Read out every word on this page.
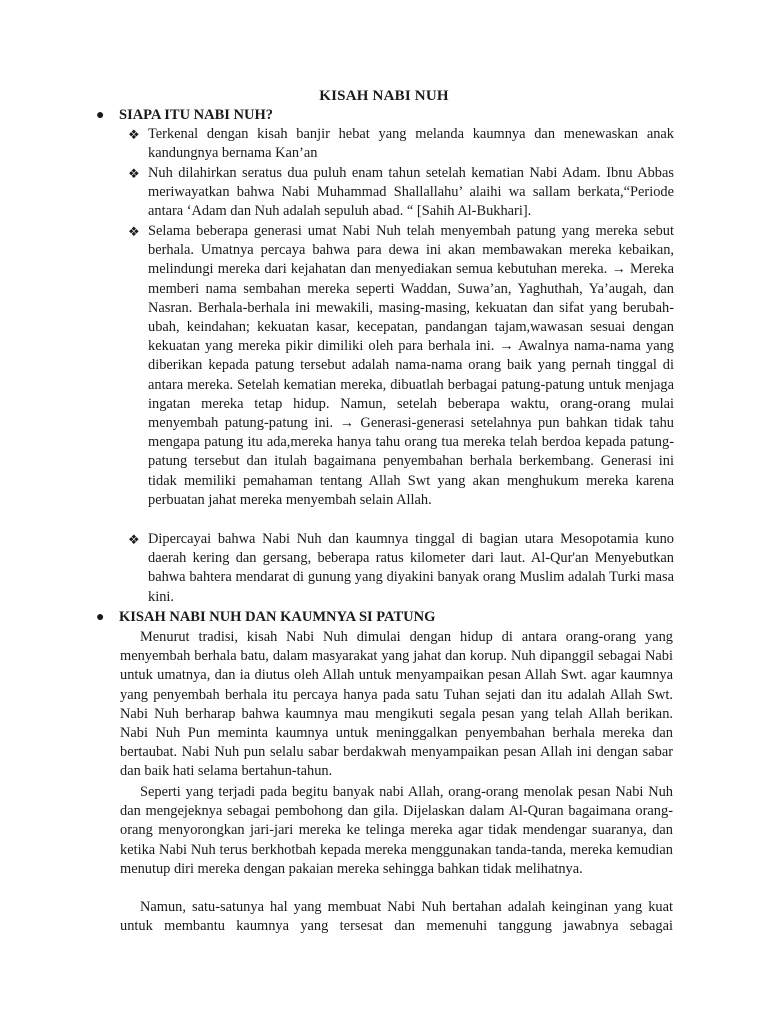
KISAH NABI NUH
● SIAPA ITU NABI NUH?
❖ Terkenal dengan kisah banjir hebat yang melanda kaumnya dan menewaskan anak kandungnya bernama Kan’an
❖ Nuh dilahirkan seratus dua puluh enam tahun setelah kematian Nabi Adam. Ibnu Abbas meriwayatkan bahwa Nabi Muhammad Shallallahu’ alaihi wa sallam berkata,“Periode antara ‘Adam dan Nuh adalah sepuluh abad. “ [Sahih Al-Bukhari].
❖ Selama beberapa generasi umat Nabi Nuh telah menyembah patung yang mereka sebut berhala. Umatnya percaya bahwa para dewa ini akan membawakan mereka kebaikan, melindungi mereka dari kejahatan dan menyediakan semua kebutuhan mereka. → Mereka memberi nama sembahan mereka seperti Waddan, Suwa’an, Yaghuthah, Ya’augah, dan Nasran. Berhala-berhala ini mewakili, masing-masing, kekuatan dan sifat yang berubah-ubah, keindahan; kekuatan kasar, kecepatan, pandangan tajam,wawasan sesuai dengan kekuatan yang mereka pikir dimiliki oleh para berhala ini. → Awalnya nama-nama yang diberikan kepada patung tersebut adalah nama-nama orang baik yang pernah tinggal di antara mereka. Setelah kematian mereka, dibuatlah berbagai patung-patung untuk menjaga ingatan mereka tetap hidup. Namun, setelah beberapa waktu, orang-orang mulai menyembah patung-patung ini. → Generasi-generasi setelahnya pun bahkan tidak tahu mengapa patung itu ada,mereka hanya tahu orang tua mereka telah berdoa kepada patung-patung tersebut dan itulah bagaimana penyembahan berhala berkembang. Generasi ini tidak memiliki pemahaman tentang Allah Swt yang akan menghukum mereka karena perbuatan jahat mereka menyembah selain Allah.
❖ Dipercayai bahwa Nabi Nuh dan kaumnya tinggal di bagian utara Mesopotamia kuno daerah kering dan gersang, beberapa ratus kilometer dari laut. Al-Qur'an Menyebutkan bahwa bahtera mendarat di gunung yang diyakini banyak orang Muslim adalah Turki masa kini.
● KISAH NABI NUH DAN KAUMNYA SI PATUNG
Menurut tradisi, kisah Nabi Nuh dimulai dengan hidup di antara orang-orang yang menyembah berhala batu, dalam masyarakat yang jahat dan korup. Nuh dipanggil sebagai Nabi untuk umatnya, dan ia diutus oleh Allah untuk menyampaikan pesan Allah Swt. agar kaumnya yang penyembah berhala itu percaya hanya pada satu Tuhan sejati dan itu adalah Allah Swt. Nabi Nuh berharap bahwa kaumnya mau mengikuti segala pesan yang telah Allah berikan. Nabi Nuh Pun meminta kaumnya untuk meninggalkan penyembahan berhala mereka dan bertaubat. Nabi Nuh pun selalu sabar berdakwah menyampaikan pesan Allah ini dengan sabar dan baik hati selama bertahun-tahun.
Seperti yang terjadi pada begitu banyak nabi Allah, orang-orang menolak pesan Nabi Nuh dan mengejeknya sebagai pembohong dan gila. Dijelaskan dalam Al-Quran bagaimana orang-orang menyorongkan jari-jari mereka ke telinga mereka agar tidak mendengar suaranya, dan ketika Nabi Nuh terus berkhotbah kepada mereka menggunakan tanda-tanda, mereka kemudian menutup diri mereka dengan pakaian mereka sehingga bahkan tidak melihatnya.
Namun, satu-satunya hal yang membuat Nabi Nuh bertahan adalah keinginan yang kuat untuk membantu kaumnya yang tersesat dan memenuhi tanggung jawabnya sebagai
